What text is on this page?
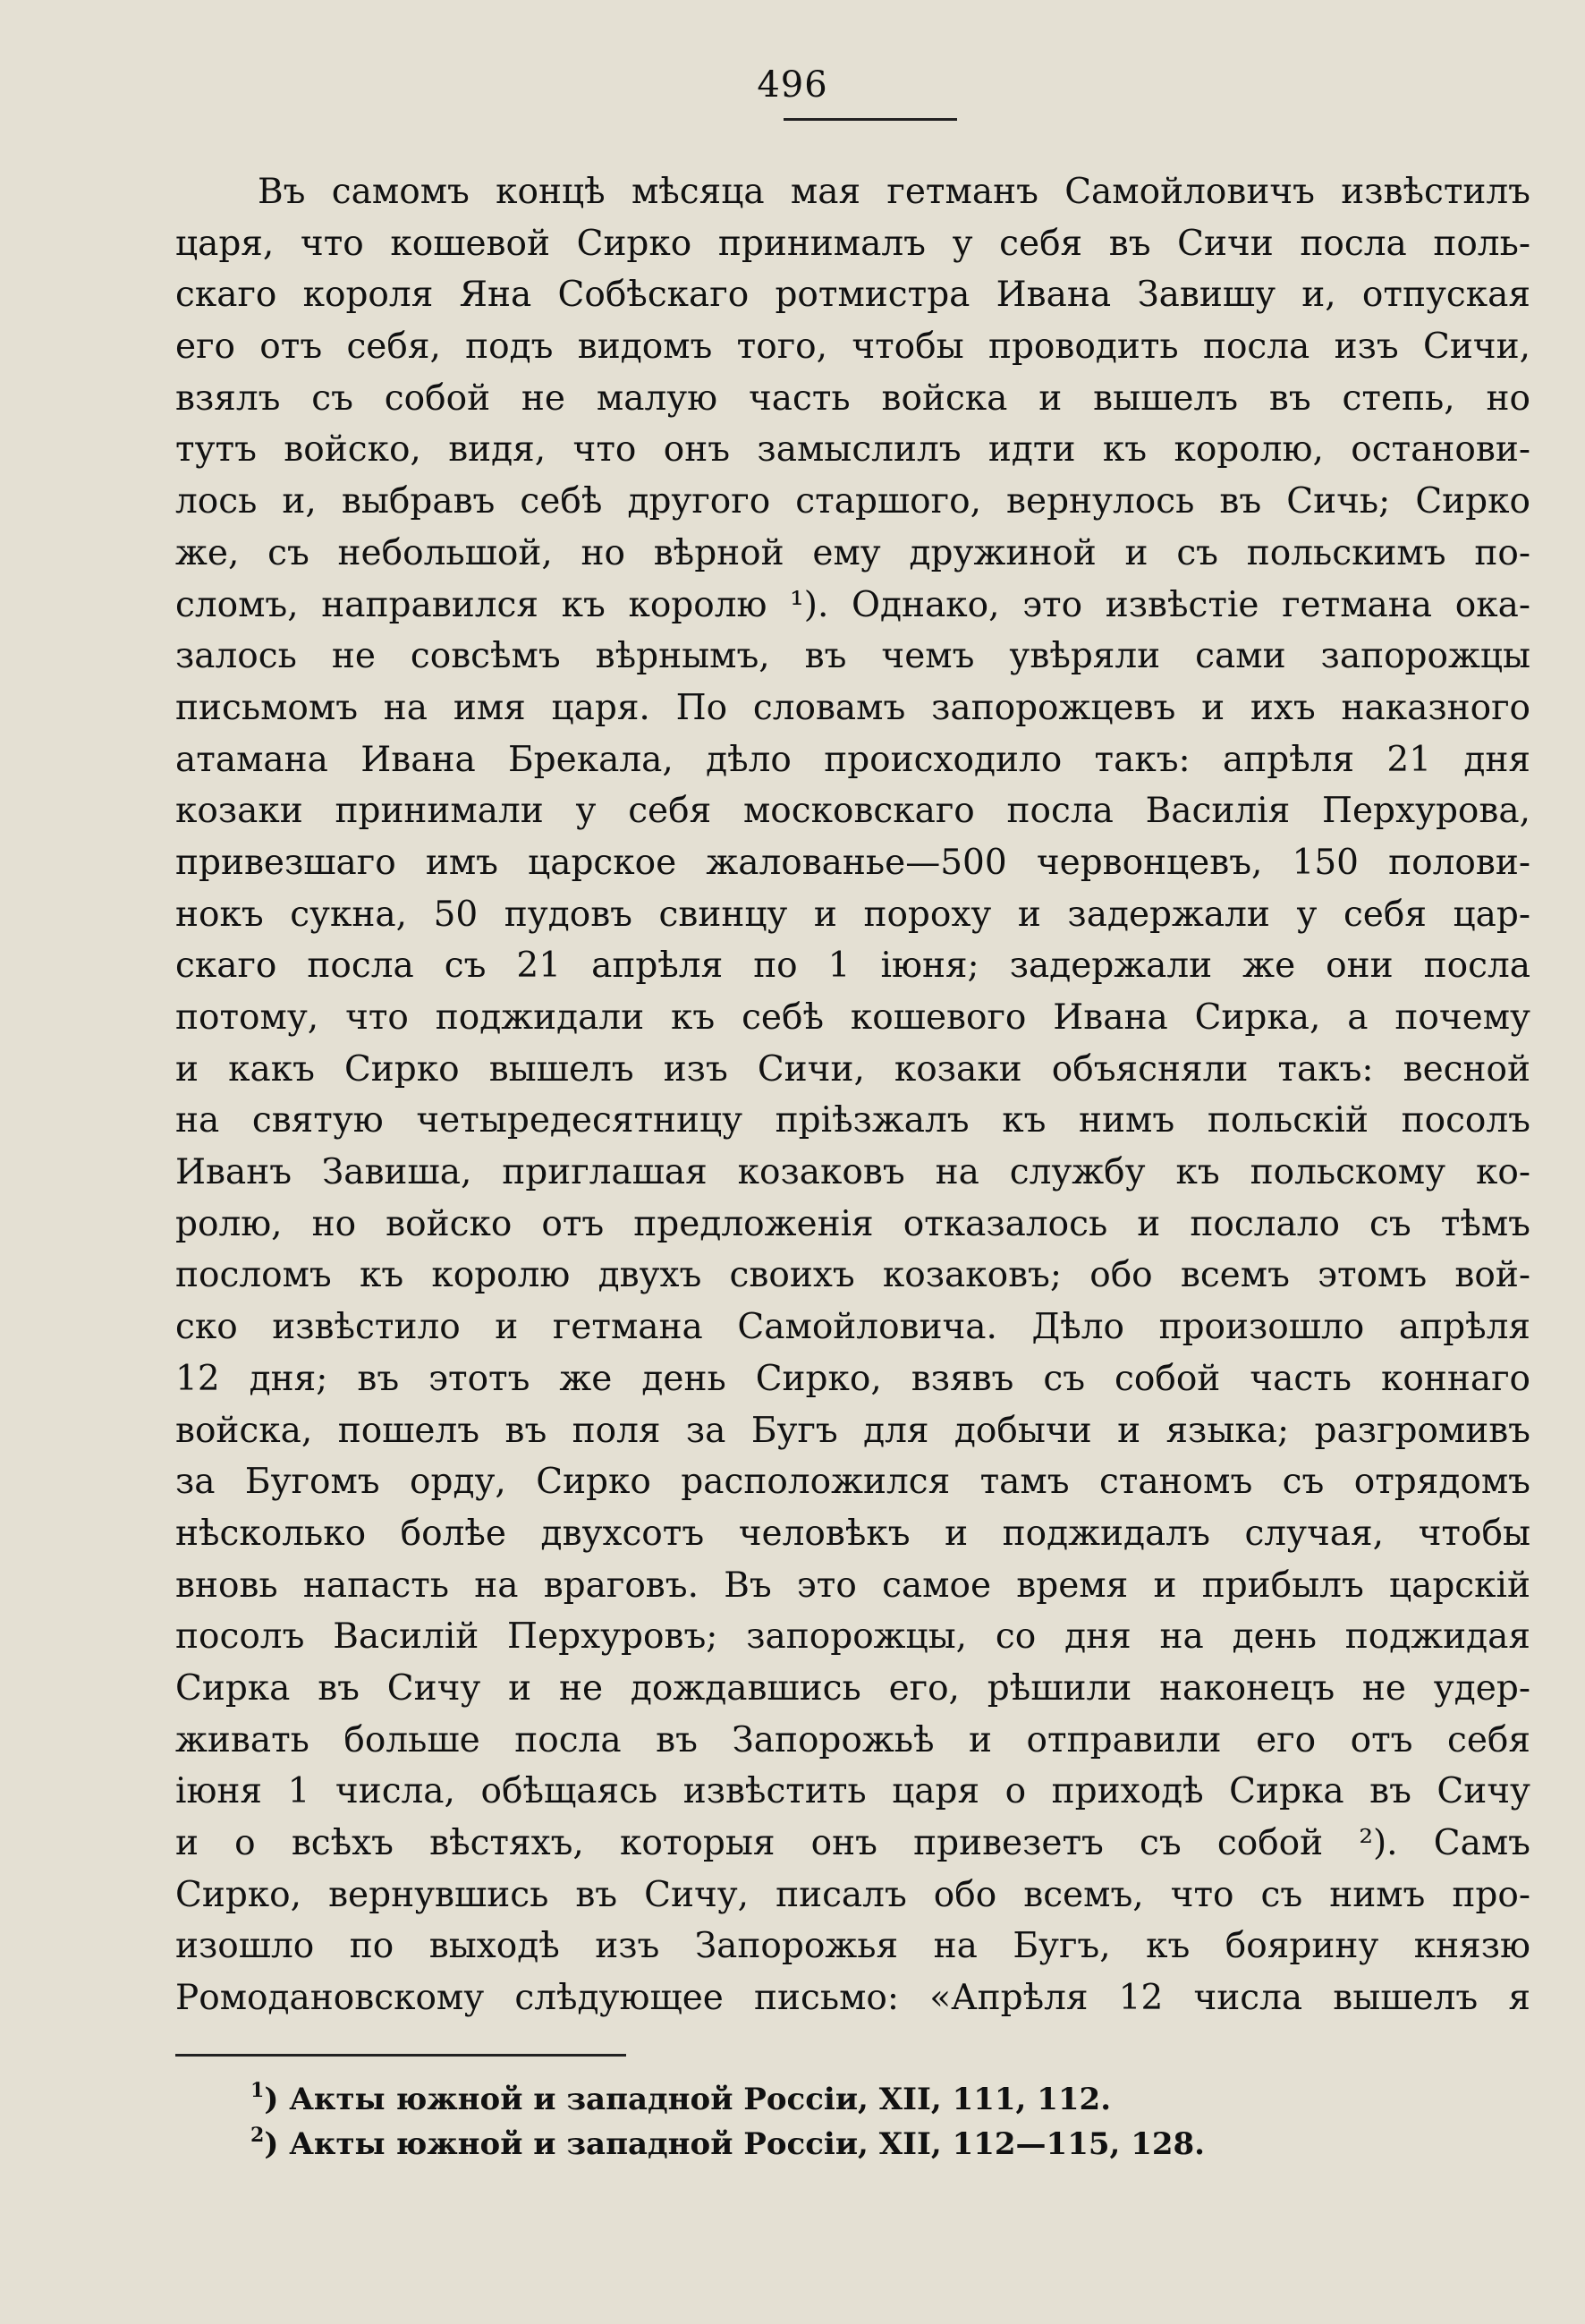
496
Въ самомъ концѣ мѣсяца мая гетманъ Самойловичъ извѣстилъ
царя, что кошевой Сирко принималъ у себя въ Сичи посла поль-
скаго короля Яна Собѣскаго ротмистра Ивана Завишу и, отпуская
его отъ себя, подъ видомъ того, чтобы проводить посла изъ Сичи,
взялъ съ собой не малую часть войска и вышелъ въ степь, но
тутъ войско, видя, что онъ замыслилъ идти къ королю, останови-
лось и, выбравъ себѣ другого старшого, вернулось въ Сичь; Сирко
же, съ небольшой, но вѣрной ему дружиной и съ польскимъ по-
сломъ, направился къ королю ¹). Однако, это извѣстіе гетмана ока-
залось не совсѣмъ вѣрнымъ, въ чемъ увѣряли сами запорожцы
письмомъ на имя царя. По словамъ запорожцевъ и ихъ наказного
атамана Ивана Брекала, дѣло происходило такъ: апрѣля 21 дня
козаки принимали у себя московскаго посла Василія Перхурова,
привезшаго имъ царское жалованье—500 червонцевъ, 150 полови-
нокъ сукна, 50 пудовъ свинцу и пороху и задержали у себя цар-
скаго посла съ 21 апрѣля по 1 іюня; задержали же они посла
потому, что поджидали къ себѣ кошевого Ивана Сирка, а почему
и какъ Сирко вышелъ изъ Сичи, козаки объясняли такъ: весной
на святую четыредесятницу пріѣзжалъ къ нимъ польскій посолъ
Иванъ Завиша, приглашая козаковъ на службу къ польскому ко-
ролю, но войско отъ предложенія отказалось и послало съ тѣмъ
посломъ къ королю двухъ своихъ козаковъ; обо всемъ этомъ вой-
ско извѣстило и гетмана Самойловича. Дѣло произошло апрѣля
12 дня; въ этотъ же день Сирко, взявъ съ собой часть коннаго
войска, пошелъ въ поля за Бугъ для добычи и языка; разгромивъ
за Бугомъ орду, Сирко расположился тамъ станомъ съ отрядомъ
нѣсколько болѣе двухсотъ человѣкъ и поджидалъ случая, чтобы
вновь напасть на враговъ. Въ это самое время и прибылъ царскій
посолъ Василій Перхуровъ; запорожцы, со дня на день поджидая
Сирка въ Сичу и не дождавшись его, рѣшили наконецъ не удер-
живать больше посла въ Запорожьѣ и отправили его отъ себя
іюня 1 числа, обѣщаясь извѣстить царя о приходѣ Сирка въ Сичу
и о всѣхъ вѣстяхъ, которыя онъ привезетъ съ собой ²). Самъ
Сирко, вернувшись въ Сичу, писалъ обо всемъ, что съ нимъ про-
изошло по выходѣ изъ Запорожья на Бугъ, къ боярину князю
Ромодановскому слѣдующее письмо: «Апрѣля 12 числа вышелъ я
$^1$) Акты южной и западной Россіи, XII, 111, 112.
$^2$) Акты южной и западной Россіи, XII, 112—115, 128.
